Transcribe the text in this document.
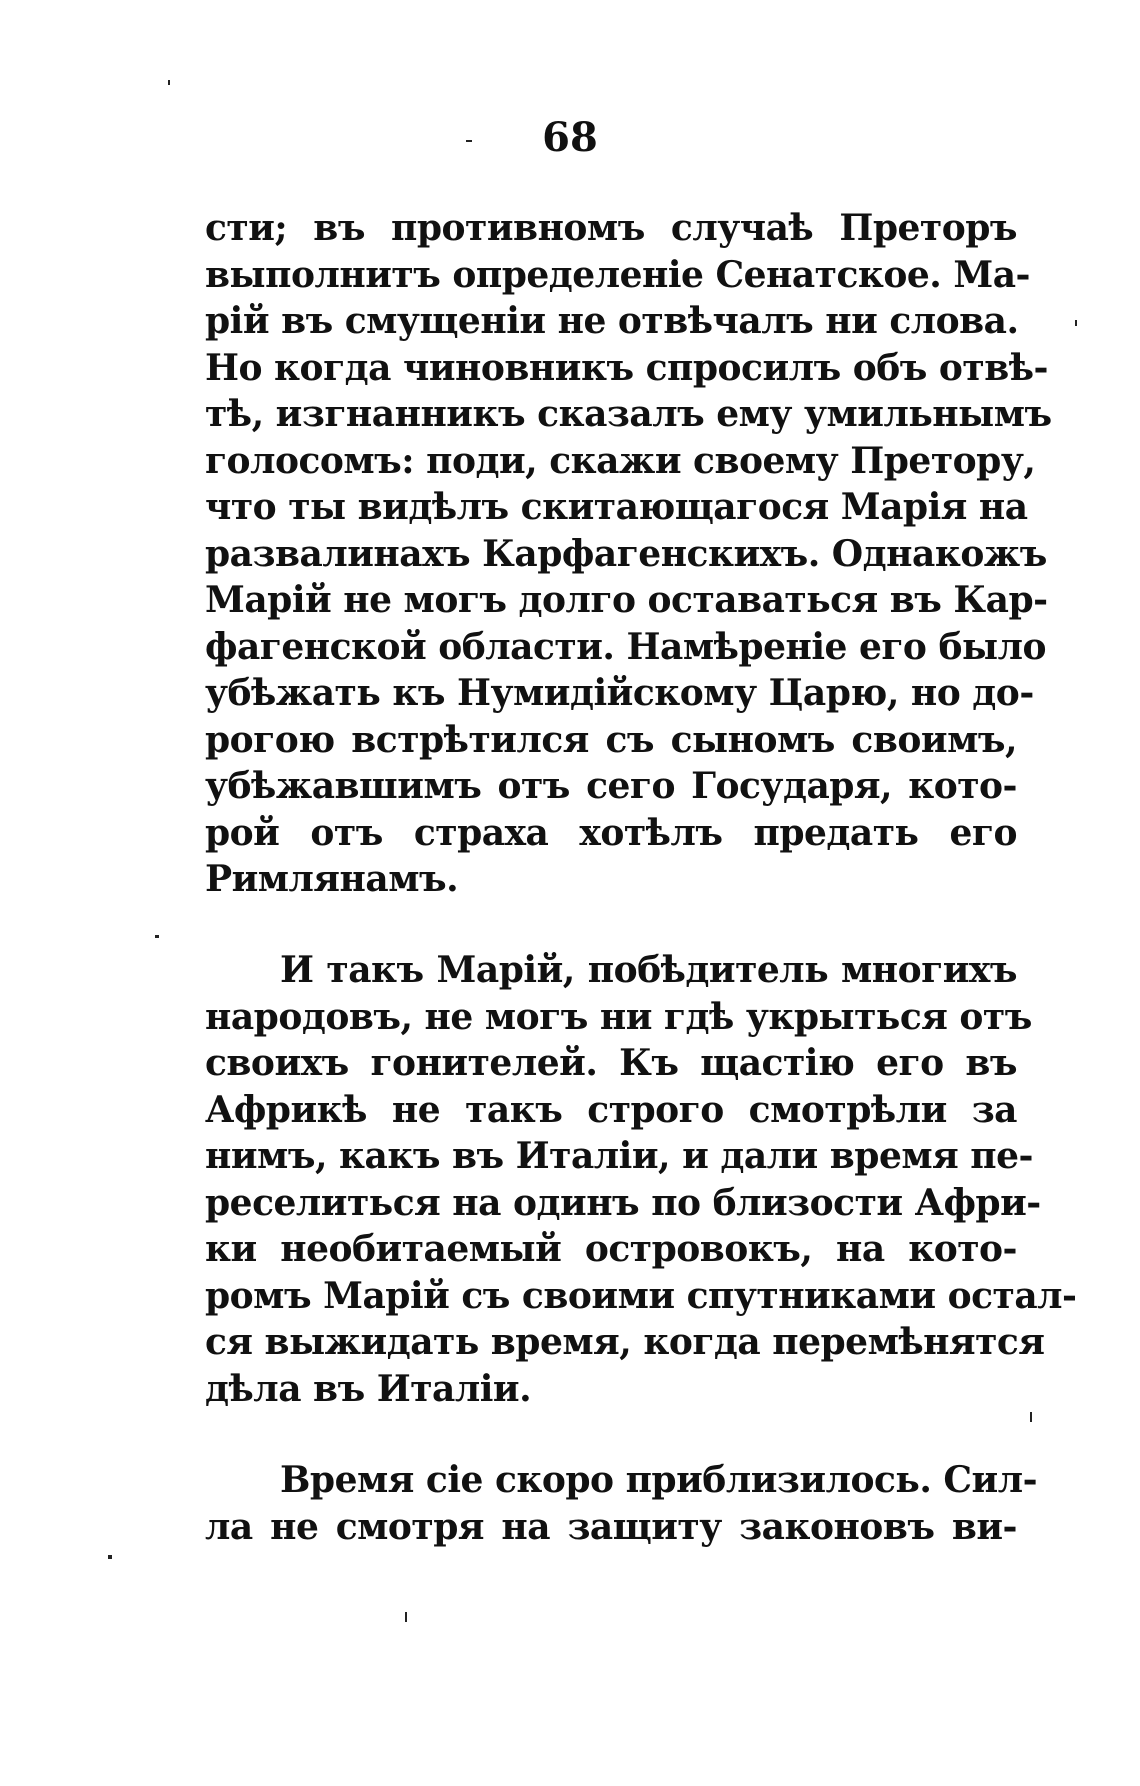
68
сти; въ противномъ случаѣ Преторъ
выполнитъ определеніе Сенатское. Ма-
рій въ смущеніи не отвѣчалъ ни слова.
Но когда чиновникъ спросилъ объ отвѣ-
тѣ, изгнанникъ сказалъ ему умильнымъ
голосомъ: поди, скажи своему Претору,
что ты видѣлъ скитающагося Марія на
развалинахъ Карфагенскихъ. Однакожъ
Марій не могъ долго оставаться въ Кар-
фагенской области. Намѣреніе его было
убѣжать къ Нумидійскому Царю, но до-
рогою встрѣтился съ сыномъ своимъ,
убѣжавшимъ отъ сего Государя, кото-
рой отъ страха хотѣлъ предать его
Римлянамъ.
И такъ Марій, побѣдитель многихъ
народовъ, не могъ ни гдѣ укрыться отъ
своихъ гонителей. Къ щастію его въ
Африкѣ не такъ строго смотрѣли за
нимъ, какъ въ Италіи, и дали время пе-
реселиться на одинъ по близости Афри-
ки необитаемый островокъ, на кото-
ромъ Марій съ своими спутниками остал-
ся выжидать время, когда перемѣнятся
дѣла въ Италіи.
Время сіе скоро приблизилось. Сил-
ла не смотря на защиту законовъ ви-
